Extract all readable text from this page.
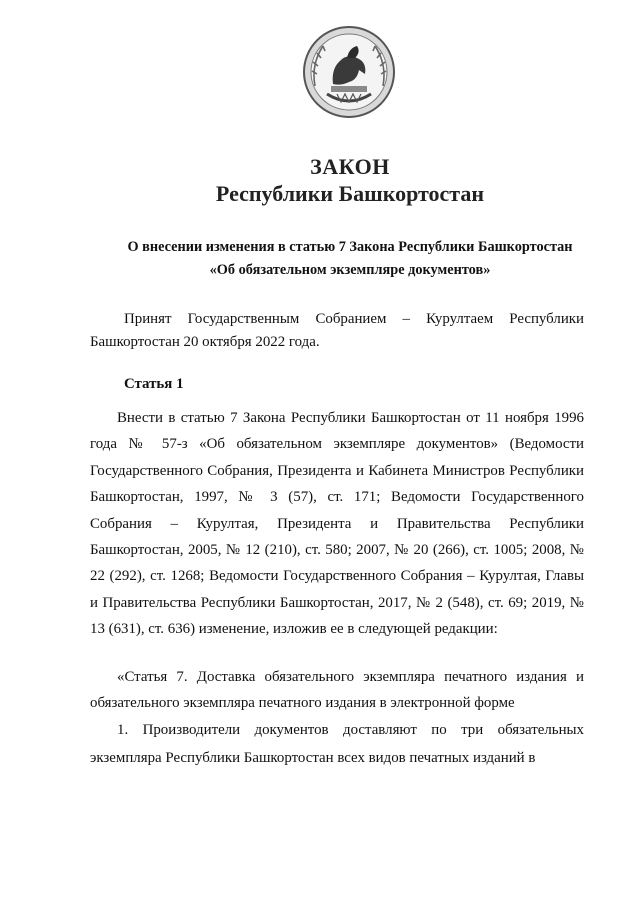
ЗАКОН
Республики Башкортостан
О внесении изменения в статью 7 Закона Республики Башкортостан
«Об обязательном экземпляре документов»
Принят Государственным Собранием – Курултаем Республики Башкортостан 20 октября 2022 года.
Статья 1
Внести в статью 7 Закона Республики Башкортостан от 11 ноября 1996 года № 57-з «Об обязательном экземпляре документов» (Ведомости Государственного Собрания, Президента и Кабинета Министров Республики Башкортостан, 1997, № 3 (57), ст. 171; Ведомости Государственного Собрания – Курултая, Президента и Правительства Республики Башкортостан, 2005, № 12 (210), ст. 580; 2007, № 20 (266), ст. 1005; 2008, № 22 (292), ст. 1268; Ведомости Государственного Собрания – Курултая, Главы и Правительства Республики Башкортостан, 2017, № 2 (548), ст. 69; 2019, № 13 (631), ст. 636) изменение, изложив ее в следующей редакции:
«Статья 7. Доставка обязательного экземпляра печатного издания и обязательного экземпляра печатного издания в электронной форме
1. Производители документов доставляют по три обязательных экземпляра Республики Башкортостан всех видов печатных изданий в
